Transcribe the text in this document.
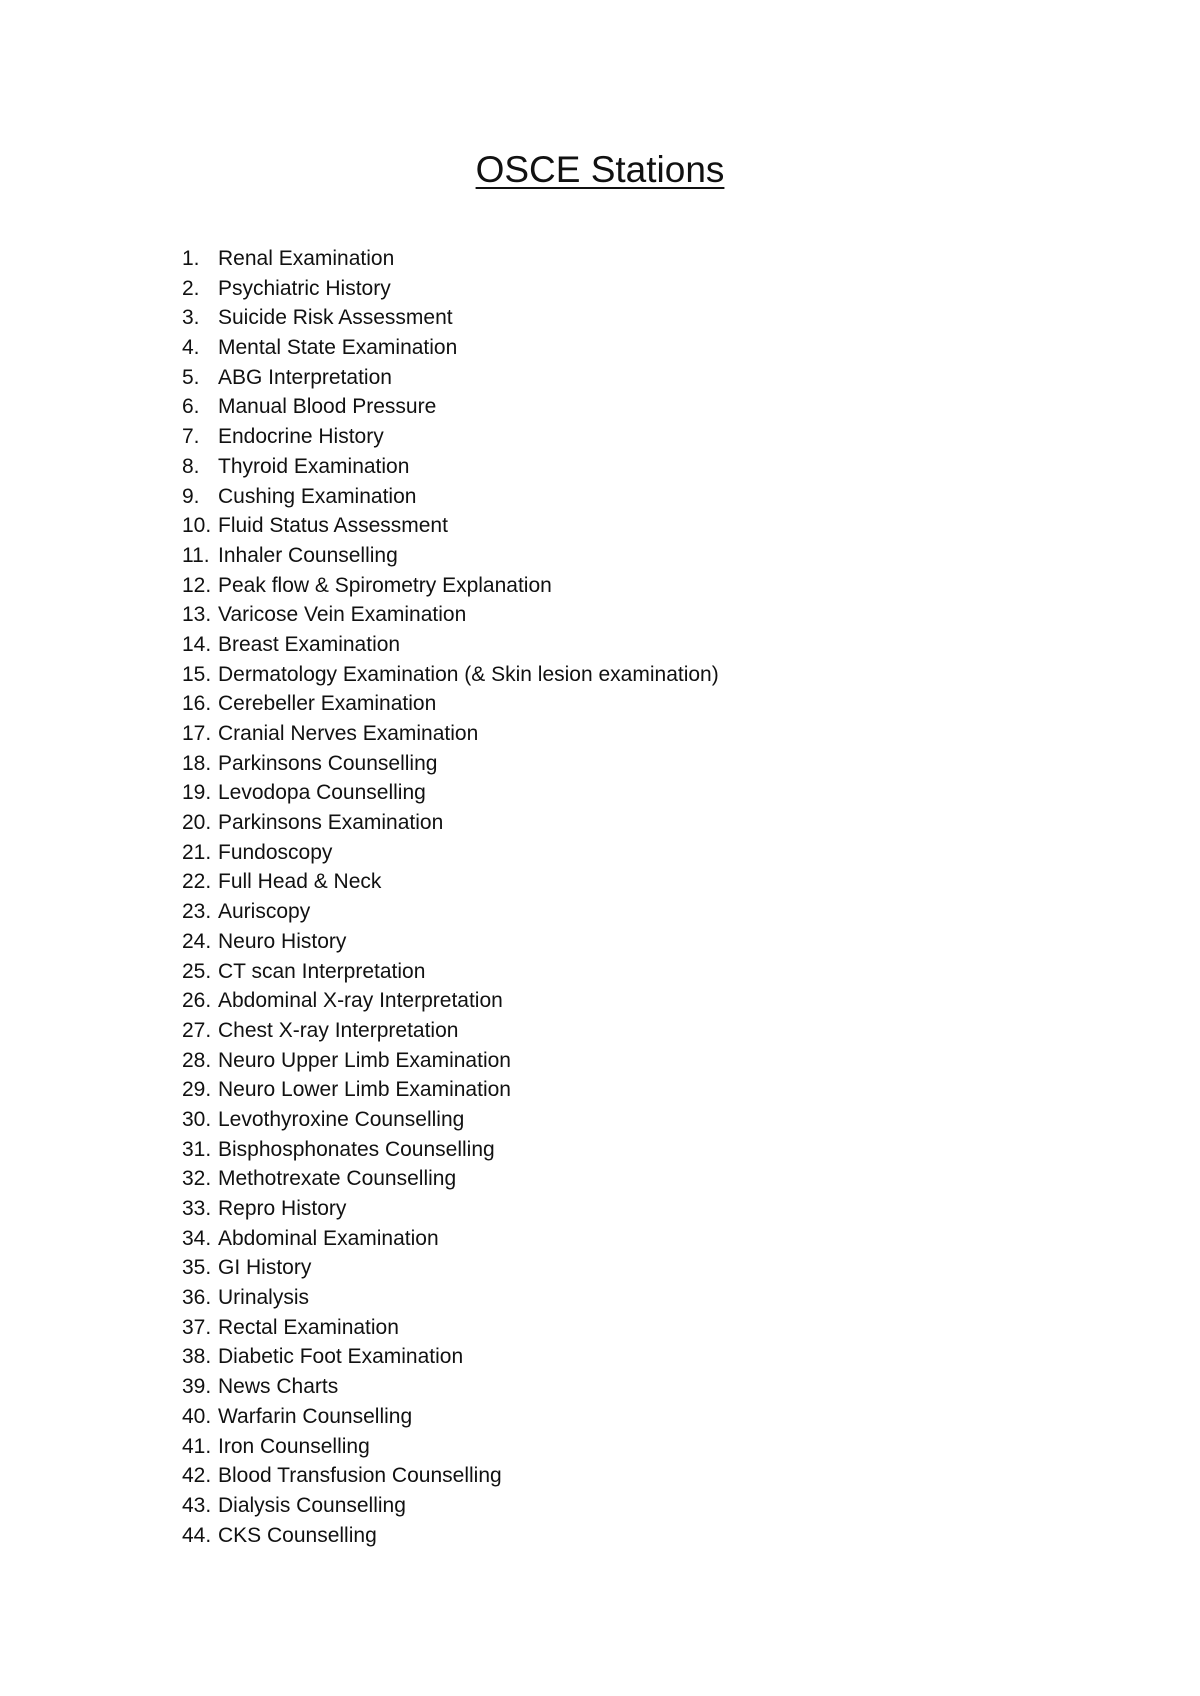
OSCE Stations
1. Renal Examination
2. Psychiatric History
3. Suicide Risk Assessment
4. Mental State Examination
5. ABG Interpretation
6. Manual Blood Pressure
7. Endocrine History
8. Thyroid Examination
9. Cushing Examination
10. Fluid Status Assessment
11. Inhaler Counselling
12. Peak flow & Spirometry Explanation
13. Varicose Vein Examination
14. Breast Examination
15. Dermatology Examination (& Skin lesion examination)
16. Cerebeller Examination
17. Cranial Nerves Examination
18. Parkinsons Counselling
19. Levodopa Counselling
20. Parkinsons Examination
21. Fundoscopy
22. Full Head & Neck
23. Auriscopy
24. Neuro History
25. CT scan Interpretation
26. Abdominal X-ray Interpretation
27. Chest X-ray Interpretation
28. Neuro Upper Limb Examination
29. Neuro Lower Limb Examination
30. Levothyroxine Counselling
31. Bisphosphonates Counselling
32. Methotrexate Counselling
33. Repro History
34. Abdominal Examination
35. GI History
36. Urinalysis
37. Rectal Examination
38. Diabetic Foot Examination
39. News Charts
40. Warfarin Counselling
41. Iron Counselling
42. Blood Transfusion Counselling
43. Dialysis Counselling
44. CKS Counselling
